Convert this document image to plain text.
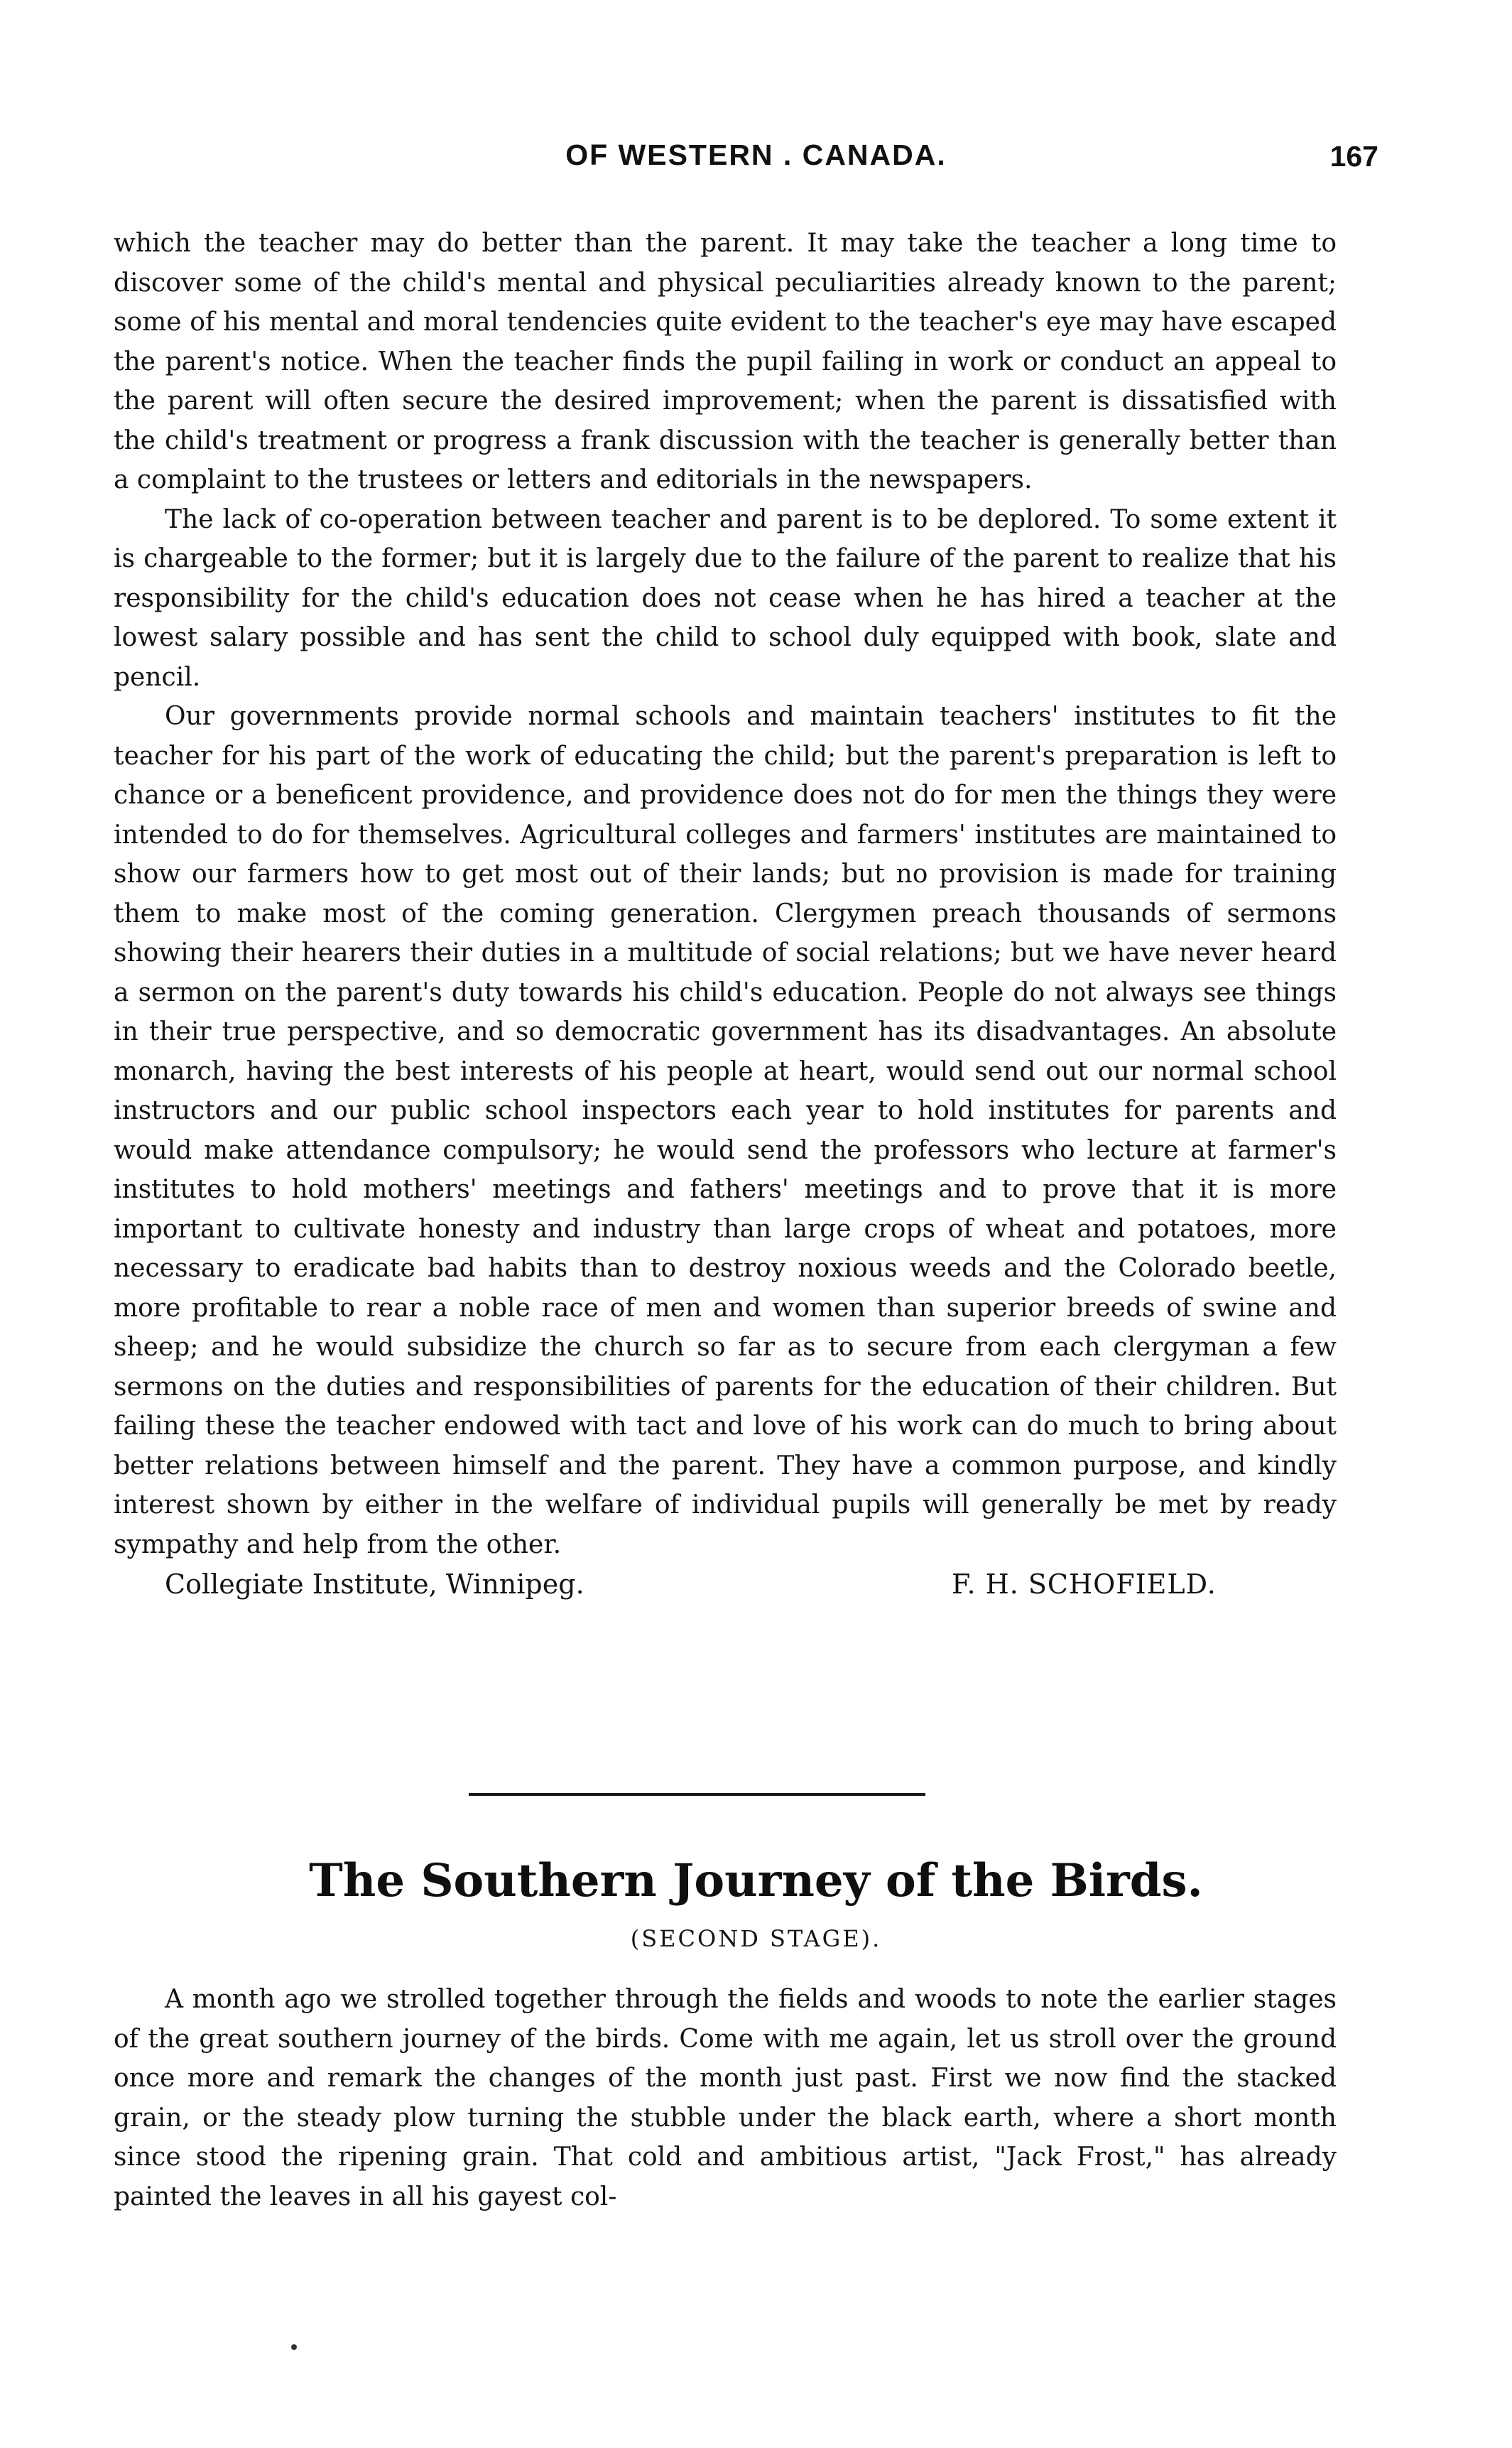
OF WESTERN . CANADA.	167

which the teacher may do better than the parent. It may take the teacher a long time to discover some of the child's mental and physical peculiarities already known to the parent; some of his mental and moral tendencies quite evident to the teacher's eye may have escaped the parent's notice. When the teacher finds the pupil failing in work or conduct an appeal to the parent will often secure the desired improvement; when the parent is dissatisfied with the child's treatment or progress a frank discussion with the teacher is generally better than a complaint to the trustees or letters and editorials in the newspapers.

The lack of co-operation between teacher and parent is to be deplored. To some extent it is chargeable to the former; but it is largely due to the failure of the parent to realize that his responsibility for the child's education does not cease when he has hired a teacher at the lowest salary possible and has sent the child to school duly equipped with book, slate and pencil.

Our governments provide normal schools and maintain teachers' institutes to fit the teacher for his part of the work of educating the child; but the parent's preparation is left to chance or a beneficent providence, and providence does not do for men the things they were intended to do for themselves. Agricultural colleges and farmers' institutes are maintained to show our farmers how to get most out of their lands; but no provision is made for training them to make most of the coming generation. Clergymen preach thousands of sermons showing their hearers their duties in a multitude of social relations; but we have never heard a sermon on the parent's duty towards his child's education. People do not always see things in their true perspective, and so democratic government has its disadvantages. An absolute monarch, having the best interests of his people at heart, would send out our normal school instructors and our public school inspectors each year to hold institutes for parents and would make attendance compulsory; he would send the professors who lecture at farmer's institutes to hold mothers' meetings and fathers' meetings and to prove that it is more important to cultivate honesty and industry than large crops of wheat and potatoes, more necessary to eradicate bad habits than to destroy noxious weeds and the Colorado beetle, more profitable to rear a noble race of men and women than superior breeds of swine and sheep; and he would subsidize the church so far as to secure from each clergyman a few sermons on the duties and responsibilities of parents for the education of their children. But failing these the teacher endowed with tact and love of his work can do much to bring about better relations between himself and the parent. They have a common purpose, and kindly interest shown by either in the welfare of individual pupils will generally be met by ready sympathy and help from the other.

Collegiate Institute, Winnipeg.	F. H. SCHOFIELD.
The Southern Journey of the Birds.
(SECOND STAGE).

A month ago we strolled together through the fields and woods to note the earlier stages of the great southern journey of the birds. Come with me again, let us stroll over the ground once more and remark the changes of the month just past. First we now find the stacked grain, or the steady plow turning the stubble under the black earth, where a short month since stood the ripening grain. That cold and ambitious artist, "Jack Frost," has already painted the leaves in all his gayest col-
